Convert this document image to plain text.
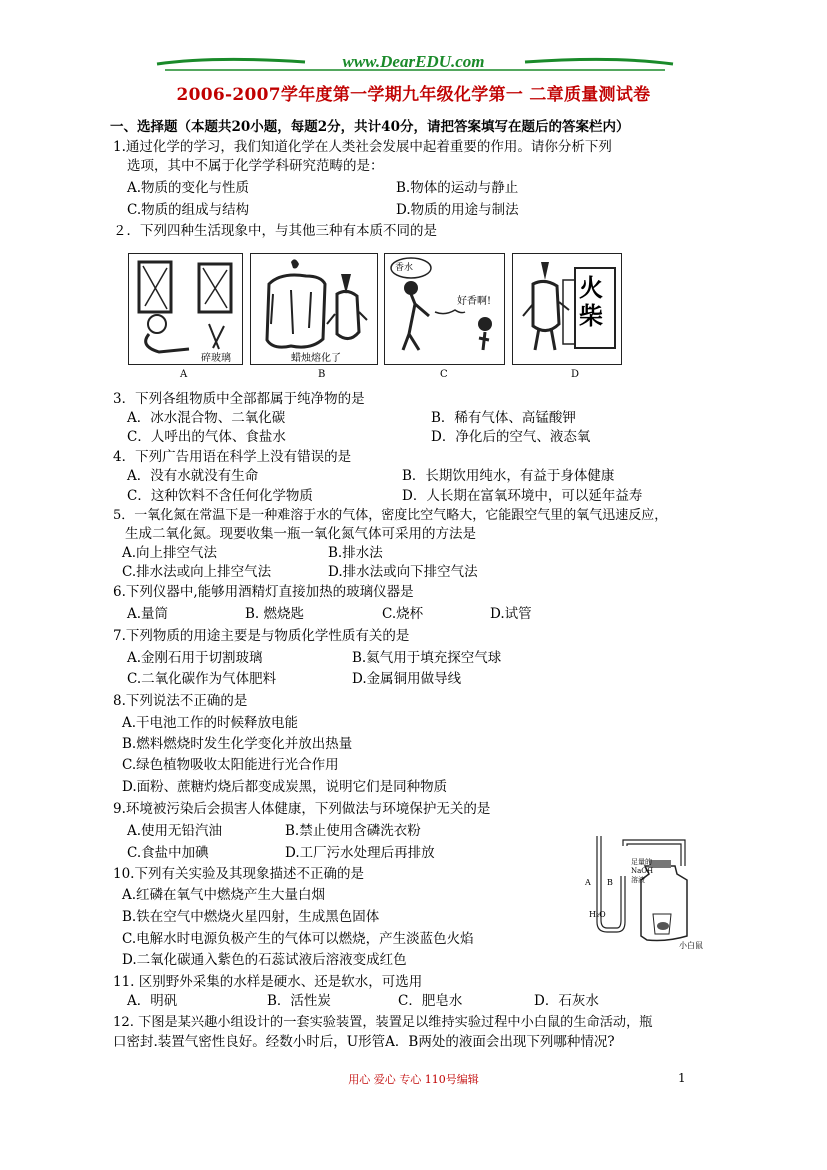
www.DearEDU.com
2006-2007学年度第一学期九年级化学第一 二章质量测试卷
一、选择题（本题共20小题，每题2分，共计40分，请把答案填写在题后的答案栏内）
1.通过化学的学习，我们知道化学在人类社会发展中起着重要的作用。请你分析下列
选项，其中不属于化学学科研究范畴的是：
A.物质的变化与性质	B.物体的运动与静止
C.物质的组成与结构	D.物质的用途与制法
２．下列四种生活现象中，与其他三种有本质不同的是
碎玻璃
A
蜡烛熔化了
B
香水
好香啊!
C
火柴
D
3．下列各组物质中全部都属于纯净物的是
A．冰水混合物、二氧化碳	B．稀有气体、高锰酸钾
C．人呼出的气体、食盐水	D．净化后的空气、液态氧
4．下列广告用语在科学上没有错误的是
A．没有水就没有生命	B．长期饮用纯水，有益于身体健康
C．这种饮料不含任何化学物质	D．人长期在富氧环境中，可以延年益寿
5．一氧化氮在常温下是一种难溶于水的气体，密度比空气略大，它能跟空气里的氧气迅速反应，
生成二氧化氮。现要收集一瓶一氧化氮气体可采用的方法是
A.向上排空气法	B.排水法
C.排水法或向上排空气法	D.排水法或向下排空气法
6.下列仪器中,能够用酒精灯直接加热的玻璃仪器是
A.量筒	B. 燃烧匙	C.烧杯	D.试管
7.下列物质的用途主要是与物质化学性质有关的是
A.金刚石用于切割玻璃	B.氦气用于填充探空气球
C.二氧化碳作为气体肥料	D.金属铜用做导线
8.下列说法不正确的是
A.干电池工作的时候释放电能
B.燃料燃烧时发生化学变化并放出热量
C.绿色植物吸收太阳能进行光合作用
D.面粉、蔗糖灼烧后都变成炭黑，说明它们是同种物质
9.环境被污染后会损害人体健康，下列做法与环境保护无关的是
A.使用无铅汽油	B.禁止使用含磷洗衣粉
C.食盐中加碘	D.工厂污水处理后再排放
A B
H₂O
足量的NaOH溶液
小白鼠
10.下列有关实验及其现象描述不正确的是
A.红磷在氧气中燃烧产生大量白烟
B.铁在空气中燃烧火星四射，生成黑色固体
C.电解水时电源负极产生的气体可以燃烧，产生淡蓝色火焰
D.二氧化碳通入紫色的石蕊试液后溶液变成红色
11. 区别野外采集的水样是硬水、还是软水，可选用
A．明矾	B．活性炭	C．肥皂水	D．石灰水
12. 下图是某兴趣小组设计的一套实验装置，装置足以维持实验过程中小白鼠的生命活动，瓶
口密封.装置气密性良好。经数小时后，U形管A．B两处的液面会出现下列哪种情况?
用心 爱心 专心 110号编辑	1
